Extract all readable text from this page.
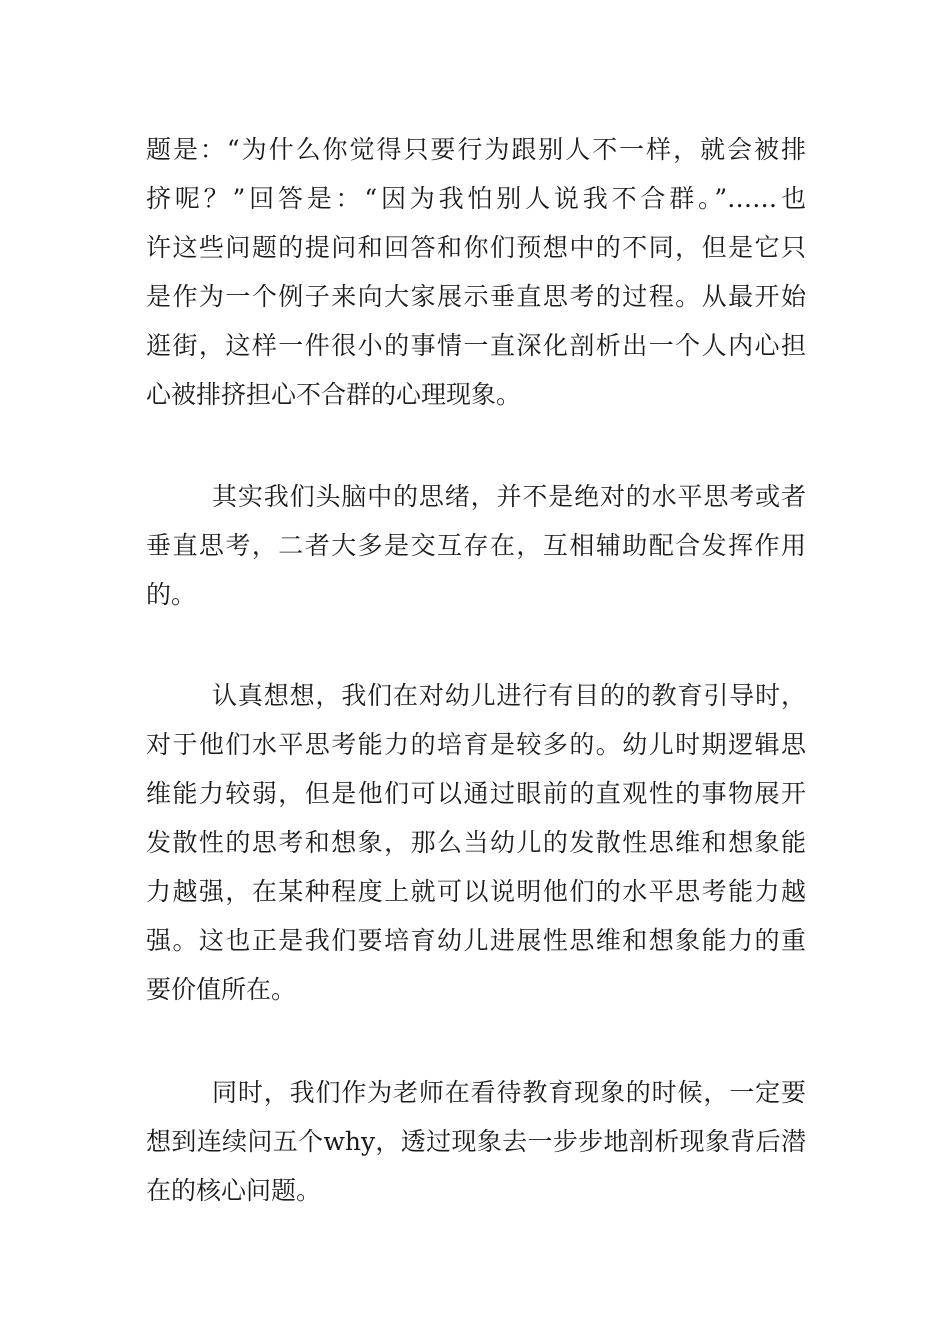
题是：“为什么你觉得只要行为跟别人不一样，就会被排
挤呢？”回答是：“因为我怕别人说我不合群。”……也
许这些问题的提问和回答和你们预想中的不同，但是它只
是作为一个例子来向大家展示垂直思考的过程。从最开始
逛街，这样一件很小的事情一直深化剖析出一个人内心担
心被排挤担心不合群的心理现象。
其实我们头脑中的思绪，并不是绝对的水平思考或者
垂直思考，二者大多是交互存在，互相辅助配合发挥作用
的。
认真想想，我们在对幼儿进行有目的的教育引导时，
对于他们水平思考能力的培育是较多的。幼儿时期逻辑思
维能力较弱，但是他们可以通过眼前的直观性的事物展开
发散性的思考和想象，那么当幼儿的发散性思维和想象能
力越强，在某种程度上就可以说明他们的水平思考能力越
强。这也正是我们要培育幼儿进展性思维和想象能力的重
要价值所在。
同时，我们作为老师在看待教育现象的时候，一定要
想到连续问五个why，透过现象去一步步地剖析现象背后潜
在的核心问题。
